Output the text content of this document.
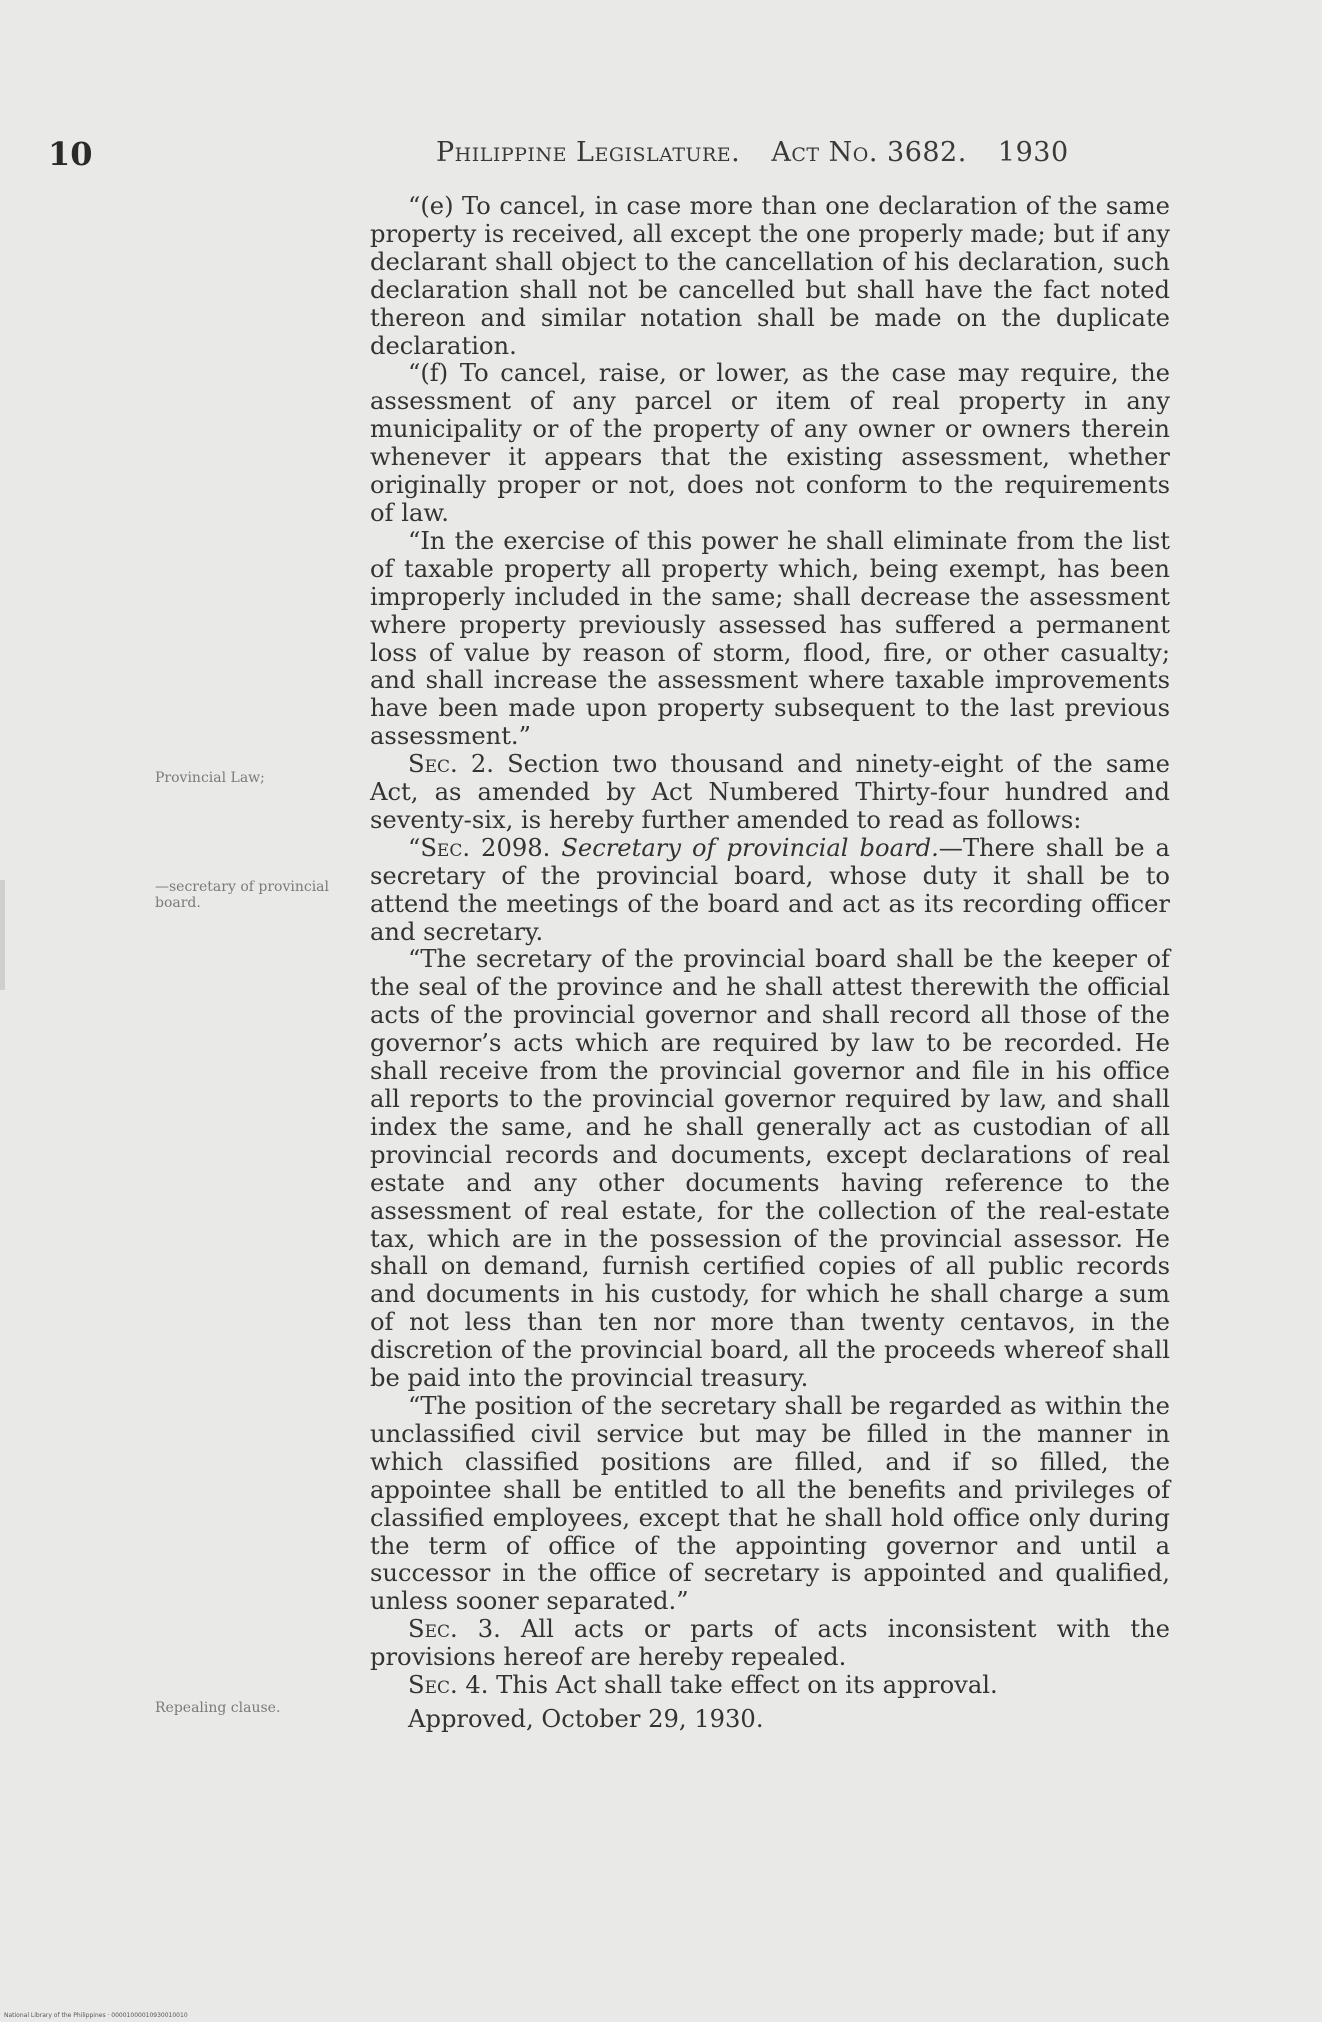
10	Philippine Legislature. Act No. 3682. 1930
Provincial Law;
—secretary of provincial board.
Repealing clause.

“(e) To cancel, in case more than one declaration of the same property is received, all except the one properly made; but if any declarant shall object to the cancellation of his declaration, such declaration shall not be cancelled but shall have the fact noted thereon and similar notation shall be made on the duplicate declaration.

“(f) To cancel, raise, or lower, as the case may require, the assessment of any parcel or item of real property in any municipality or of the property of any owner or owners therein whenever it appears that the existing assessment, whether originally proper or not, does not conform to the requirements of law.

“In the exercise of this power he shall eliminate from the list of taxable property all property which, being exempt, has been improperly included in the same; shall decrease the assessment where property previously assessed has suffered a permanent loss of value by reason of storm, flood, fire, or other casualty; and shall increase the assessment where taxable improvements have been made upon property subsequent to the last previous assessment.”

Sec. 2. Section two thousand and ninety-eight of the same Act, as amended by Act Numbered Thirty-four hundred and seventy-six, is hereby further amended to read as follows:

“Sec. 2098. Secretary of provincial board.—There shall be a secretary of the provincial board, whose duty it shall be to attend the meetings of the board and act as its recording officer and secretary.

“The secretary of the provincial board shall be the keeper of the seal of the province and he shall attest therewith the official acts of the provincial governor and shall record all those of the governor’s acts which are required by law to be recorded. He shall receive from the provincial governor and file in his office all reports to the provincial governor required by law, and shall index the same, and he shall generally act as custodian of all provincial records and documents, except declarations of real estate and any other documents having reference to the assessment of real estate, for the collection of the real-estate tax, which are in the possession of the provincial assessor. He shall on demand, furnish certified copies of all public records and documents in his custody, for which he shall charge a sum of not less than ten nor more than twenty centavos, in the discretion of the provincial board, all the proceeds whereof shall be paid into the provincial treasury.

“The position of the secretary shall be regarded as within the unclassified civil service but may be filled in the manner in which classified positions are filled, and if so filled, the appointee shall be entitled to all the benefits and privileges of classified employees, except that he shall hold office only during the term of office of the appointing governor and until a successor in the office of secretary is appointed and qualified, unless sooner separated.”

Sec. 3. All acts or parts of acts inconsistent with the provisions hereof are hereby repealed.

Sec. 4. This Act shall take effect on its approval.

Approved, October 29, 1930.

National Library of the Philippines · 00001000010930010010
